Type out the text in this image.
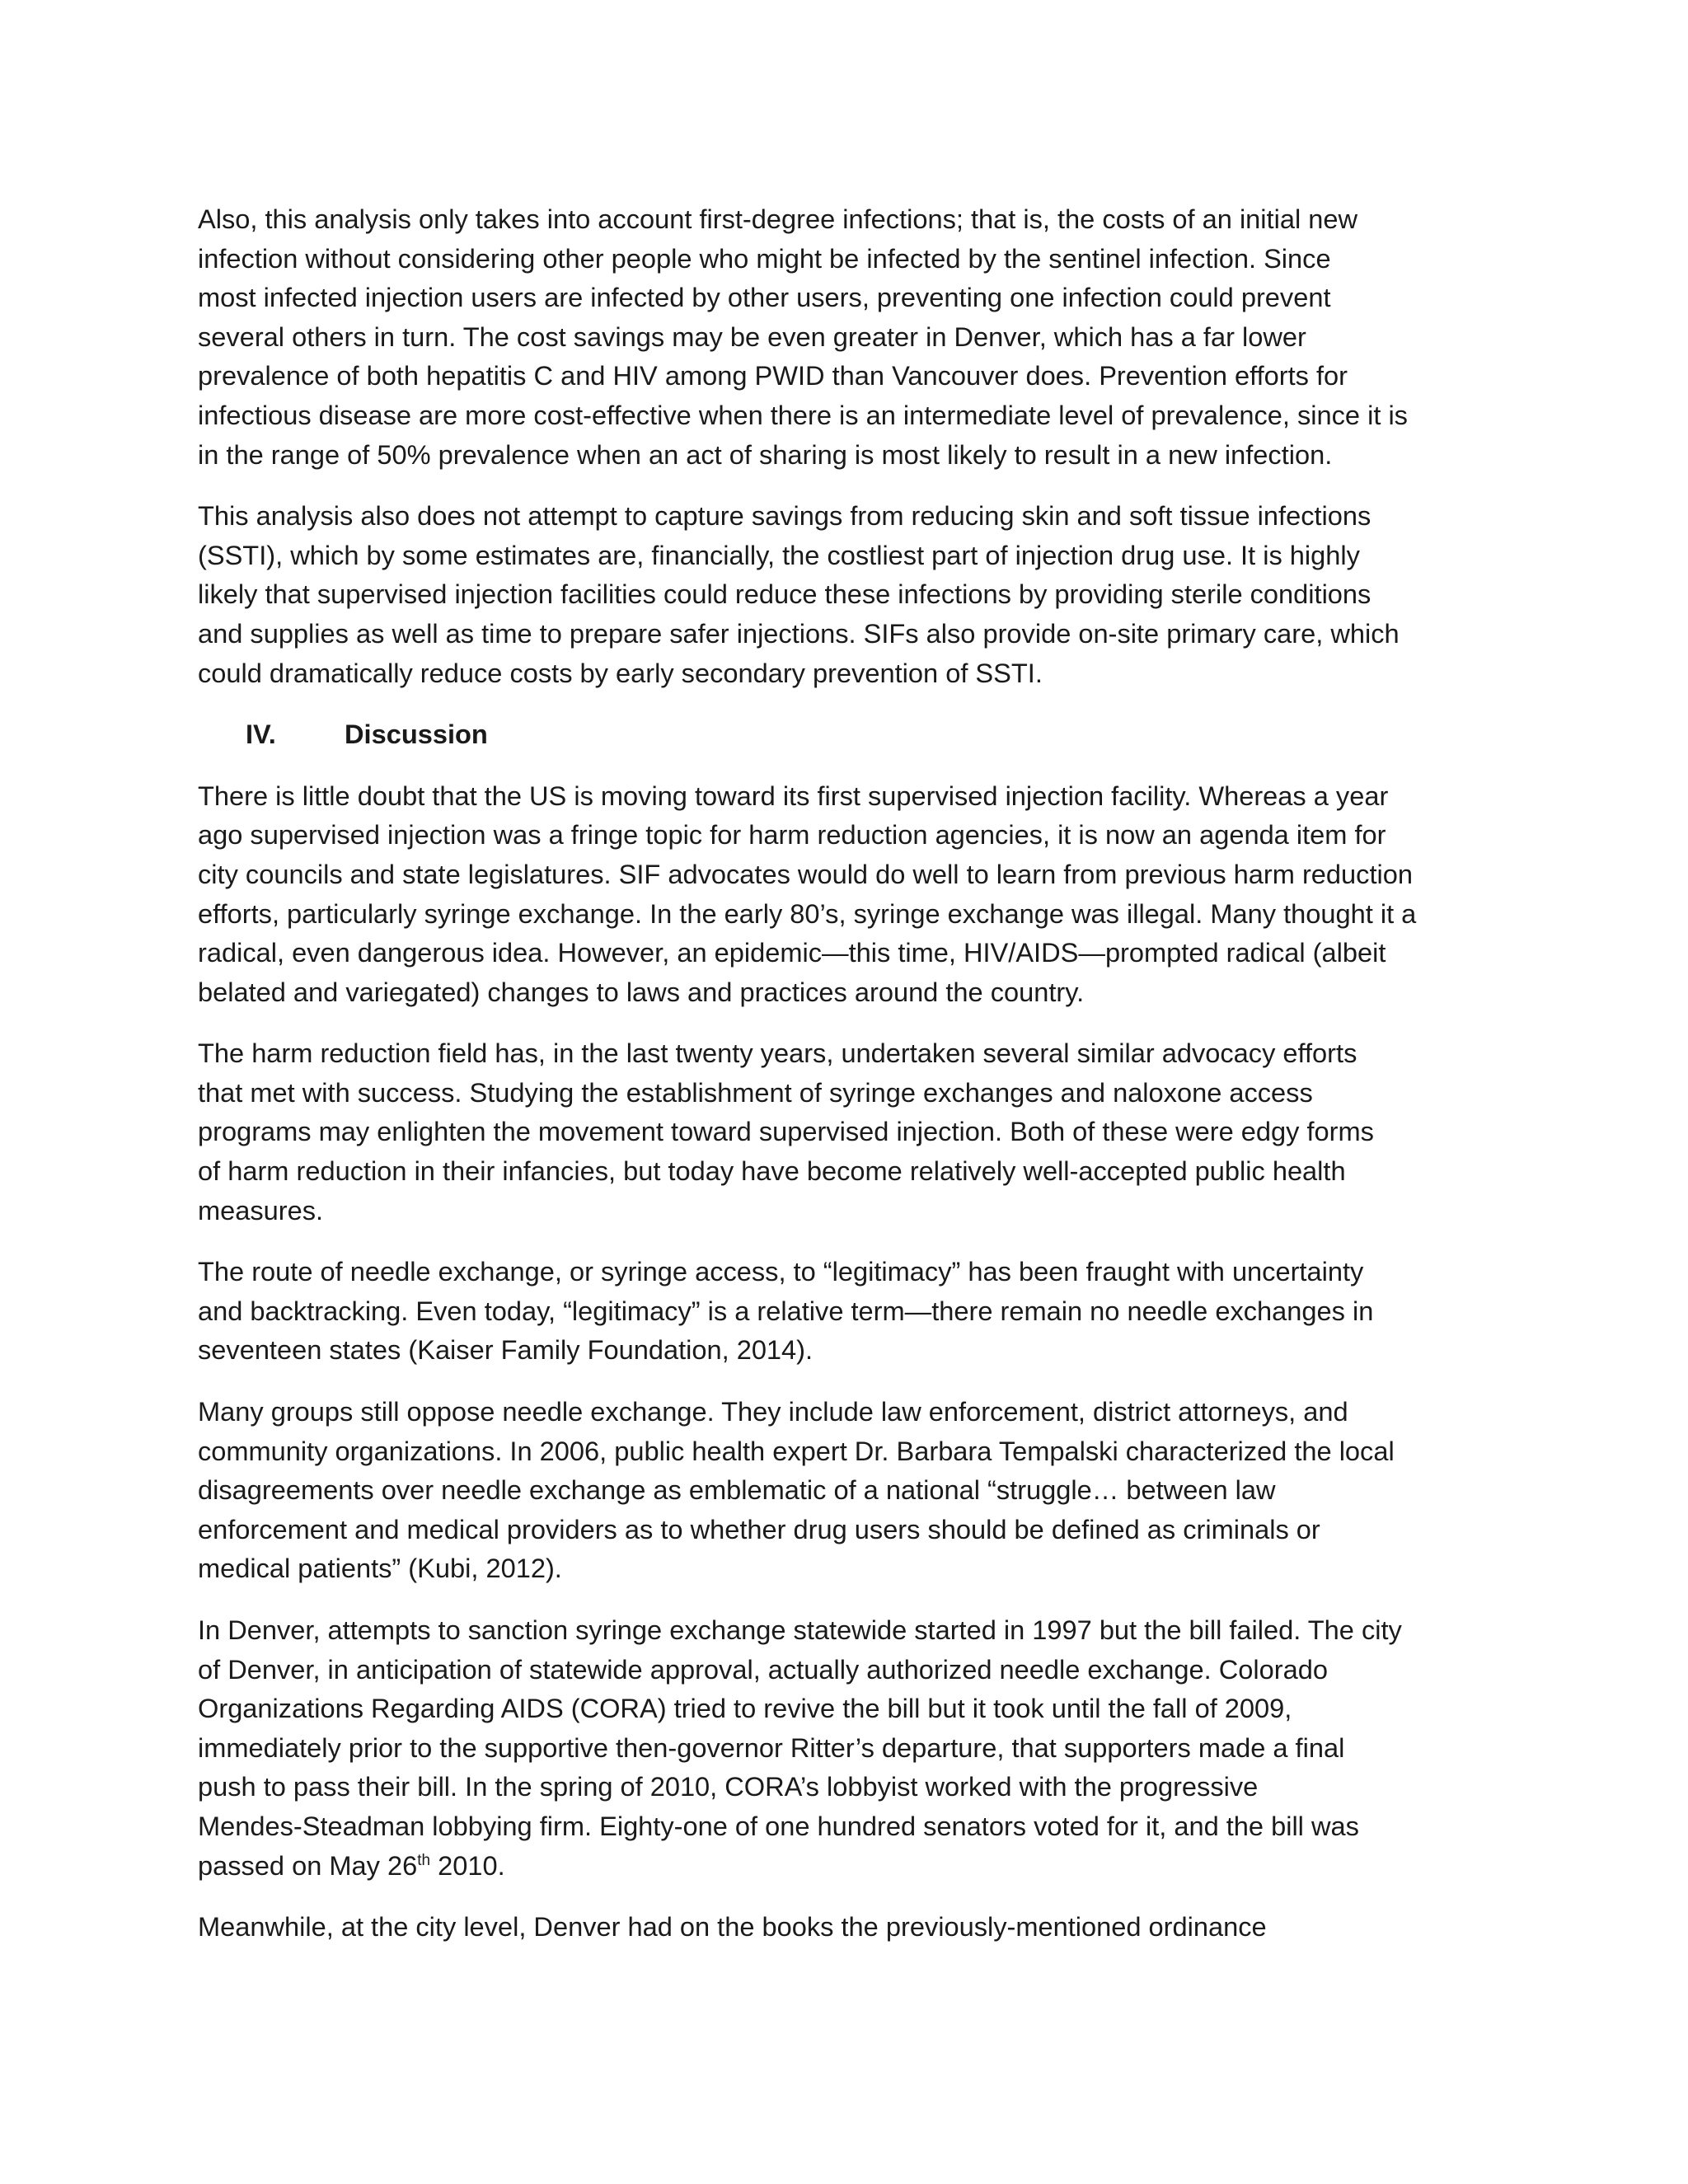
Also, this analysis only takes into account first-degree infections; that is, the costs of an initial new
infection without considering other people who might be infected by the sentinel infection. Since
most infected injection users are infected by other users, preventing one infection could prevent
several others in turn. The cost savings may be even greater in Denver, which has a far lower
prevalence of both hepatitis C and HIV among PWID than Vancouver does. Prevention efforts for
infectious disease are more cost-effective when there is an intermediate level of prevalence, since it is
in the range of 50% prevalence when an act of sharing is most likely to result in a new infection.

This analysis also does not attempt to capture savings from reducing skin and soft tissue infections
(SSTI), which by some estimates are, financially, the costliest part of injection drug use. It is highly
likely that supervised injection facilities could reduce these infections by providing sterile conditions
and supplies as well as time to prepare safer injections. SIFs also provide on-site primary care, which
could dramatically reduce costs by early secondary prevention of SSTI.

IV.	Discussion

There is little doubt that the US is moving toward its first supervised injection facility. Whereas a year
ago supervised injection was a fringe topic for harm reduction agencies, it is now an agenda item for
city councils and state legislatures. SIF advocates would do well to learn from previous harm reduction
efforts, particularly syringe exchange. In the early 80’s, syringe exchange was illegal. Many thought it a
radical, even dangerous idea. However, an epidemic—this time, HIV/AIDS—prompted radical (albeit
belated and variegated) changes to laws and practices around the country.

The harm reduction field has, in the last twenty years, undertaken several similar advocacy efforts
that met with success. Studying the establishment of syringe exchanges and naloxone access
programs may enlighten the movement toward supervised injection. Both of these were edgy forms
of harm reduction in their infancies, but today have become relatively well-accepted public health
measures.

The route of needle exchange, or syringe access, to “legitimacy” has been fraught with uncertainty
and backtracking. Even today, “legitimacy” is a relative term—there remain no needle exchanges in
seventeen states (Kaiser Family Foundation, 2014).

Many groups still oppose needle exchange. They include law enforcement, district attorneys, and
community organizations. In 2006, public health expert Dr. Barbara Tempalski characterized the local
disagreements over needle exchange as emblematic of a national “struggle… between law
enforcement and medical providers as to whether drug users should be defined as criminals or
medical patients” (Kubi, 2012).

In Denver, attempts to sanction syringe exchange statewide started in 1997 but the bill failed. The city
of Denver, in anticipation of statewide approval, actually authorized needle exchange. Colorado
Organizations Regarding AIDS (CORA) tried to revive the bill but it took until the fall of 2009,
immediately prior to the supportive then-governor Ritter’s departure, that supporters made a final
push to pass their bill. In the spring of 2010, CORA’s lobbyist worked with the progressive
Mendes-Steadman lobbying firm. Eighty-one of one hundred senators voted for it, and the bill was
passed on May 26th 2010.

Meanwhile, at the city level, Denver had on the books the previously-mentioned ordinance
